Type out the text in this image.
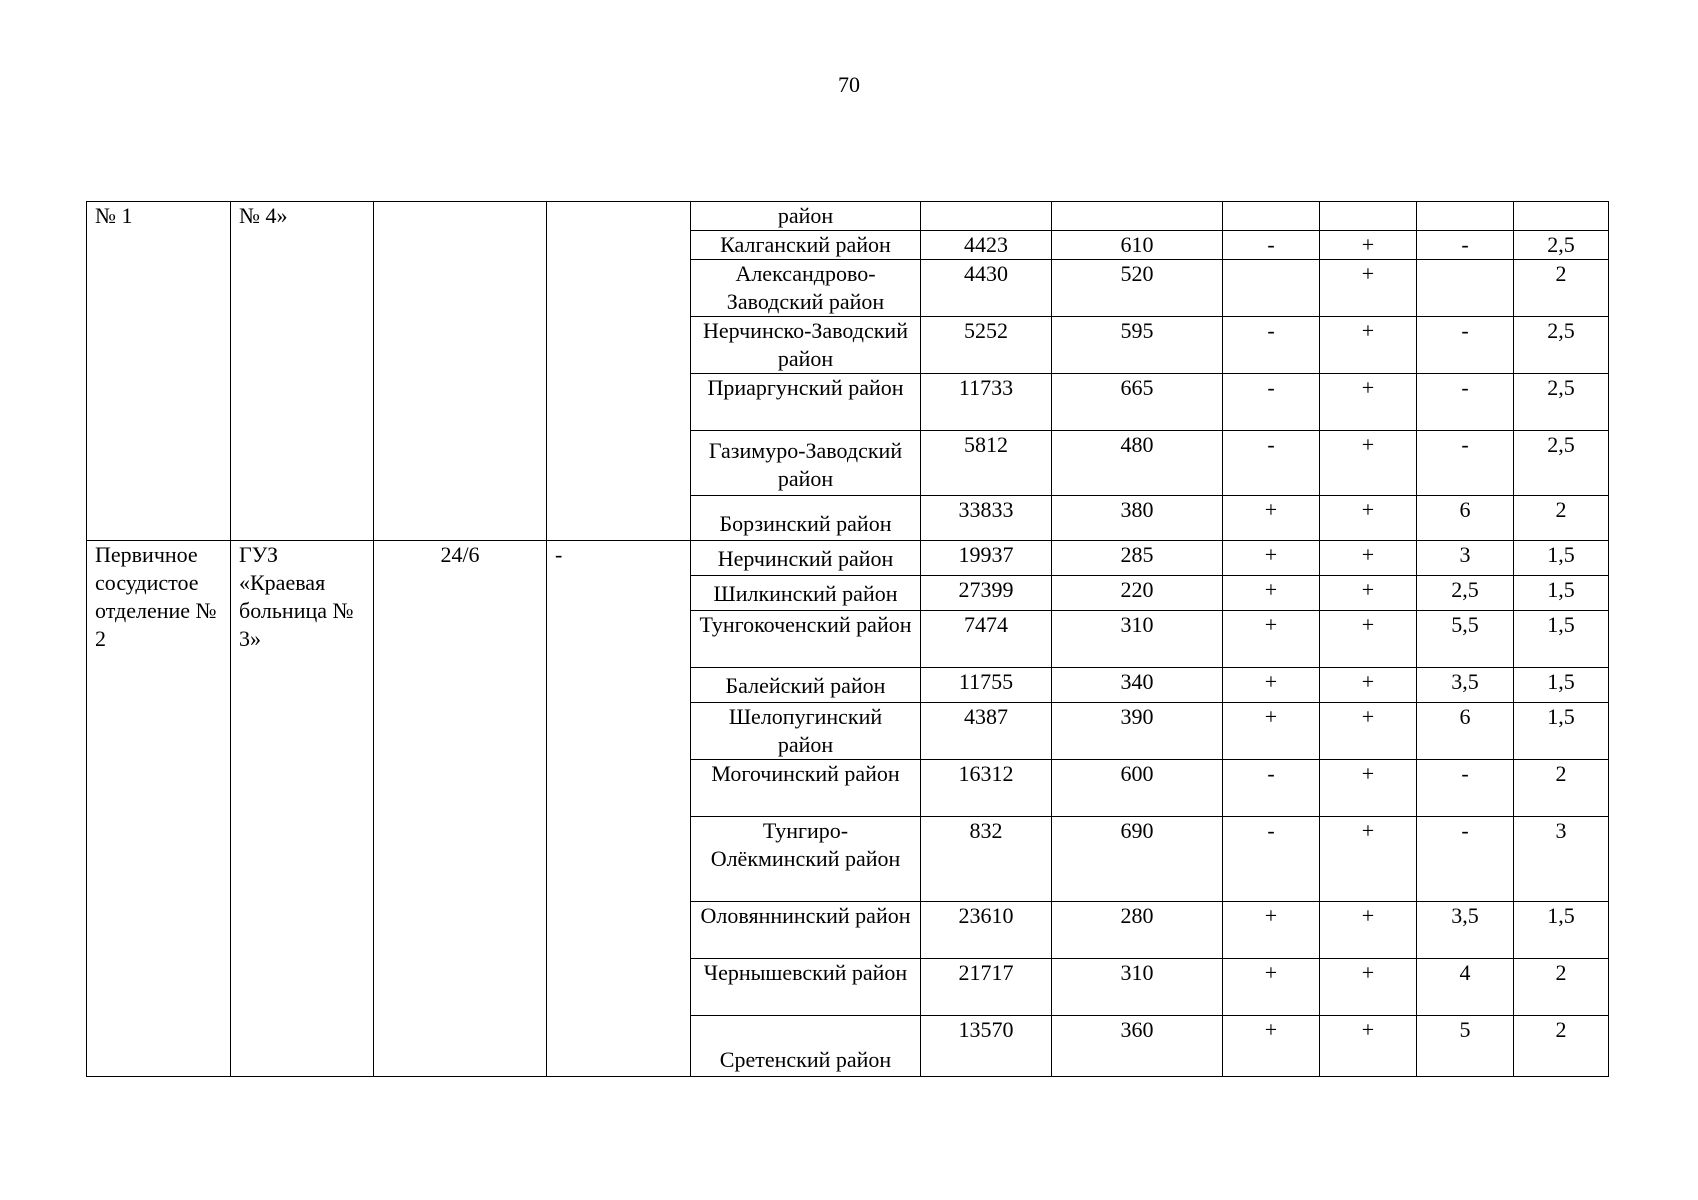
70
№ 1	№ 4»			район						
				Калганский район	4423	610	-	+	-	2,5
				Александрово-Заводский район	4430	520		+		2
				Нерчинско-Заводский район	5252	595	-	+	-	2,5
				Приаргунский район	11733	665	-	+	-	2,5
				Газимуро-Заводский район	5812	480	-	+	-	2,5
				Борзинский район	33833	380	+	+	6	2
Первичное сосудистое отделение № 2	ГУЗ «Краевая больница № 3»	24/6	-	Нерчинский район	19937	285	+	+	3	1,5
				Шилкинский район	27399	220	+	+	2,5	1,5
				Тунгокоченский район	7474	310	+	+	5,5	1,5
				Балейский район	11755	340	+	+	3,5	1,5
				Шелопугинский район	4387	390	+	+	6	1,5
				Могочинский район	16312	600	-	+	-	2
				Тунгиро-Олёкминский район	832	690	-	+	-	3
				Оловяннинский район	23610	280	+	+	3,5	1,5
				Чернышевский район	21717	310	+	+	4	2
				Сретенский район	13570	360	+	+	5	2
